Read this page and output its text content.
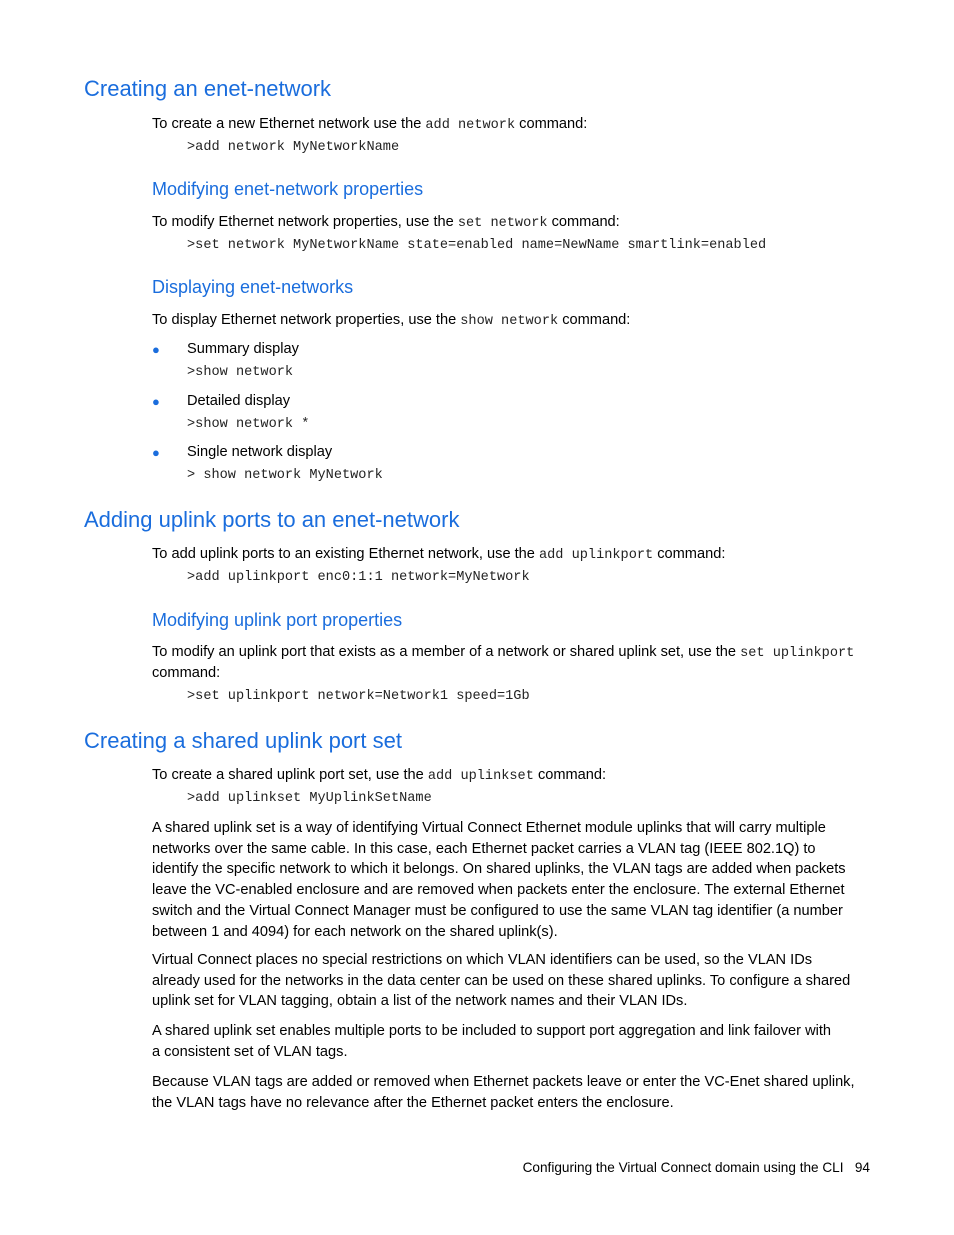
Creating an enet-network
To create a new Ethernet network use the add network command:
>add network MyNetworkName
Modifying enet-network properties
To modify Ethernet network properties, use the set network command:
>set network MyNetworkName state=enabled name=NewName smartlink=enabled
Displaying enet-networks
To display Ethernet network properties, use the show network command:
● Summary display
>show network
● Detailed display
>show network *
● Single network display
> show network MyNetwork
Adding uplink ports to an enet-network
To add uplink ports to an existing Ethernet network, use the add uplinkport command:
>add uplinkport enc0:1:1 network=MyNetwork
Modifying uplink port properties
To modify an uplink port that exists as a member of a network or shared uplink set, use the set uplinkport
command:
>set uplinkport network=Network1 speed=1Gb
Creating a shared uplink port set
To create a shared uplink port set, use the add uplinkset command:
>add uplinkset MyUplinkSetName
A shared uplink set is a way of identifying Virtual Connect Ethernet module uplinks that will carry multiple
networks over the same cable. In this case, each Ethernet packet carries a VLAN tag (IEEE 802.1Q) to
identify the specific network to which it belongs. On shared uplinks, the VLAN tags are added when packets
leave the VC-enabled enclosure and are removed when packets enter the enclosure. The external Ethernet
switch and the Virtual Connect Manager must be configured to use the same VLAN tag identifier (a number
between 1 and 4094) for each network on the shared uplink(s).
Virtual Connect places no special restrictions on which VLAN identifiers can be used, so the VLAN IDs
already used for the networks in the data center can be used on these shared uplinks. To configure a shared
uplink set for VLAN tagging, obtain a list of the network names and their VLAN IDs.
A shared uplink set enables multiple ports to be included to support port aggregation and link failover with
a consistent set of VLAN tags.
Because VLAN tags are added or removed when Ethernet packets leave or enter the VC-Enet shared uplink,
the VLAN tags have no relevance after the Ethernet packet enters the enclosure.
Configuring the Virtual Connect domain using the CLI 94
